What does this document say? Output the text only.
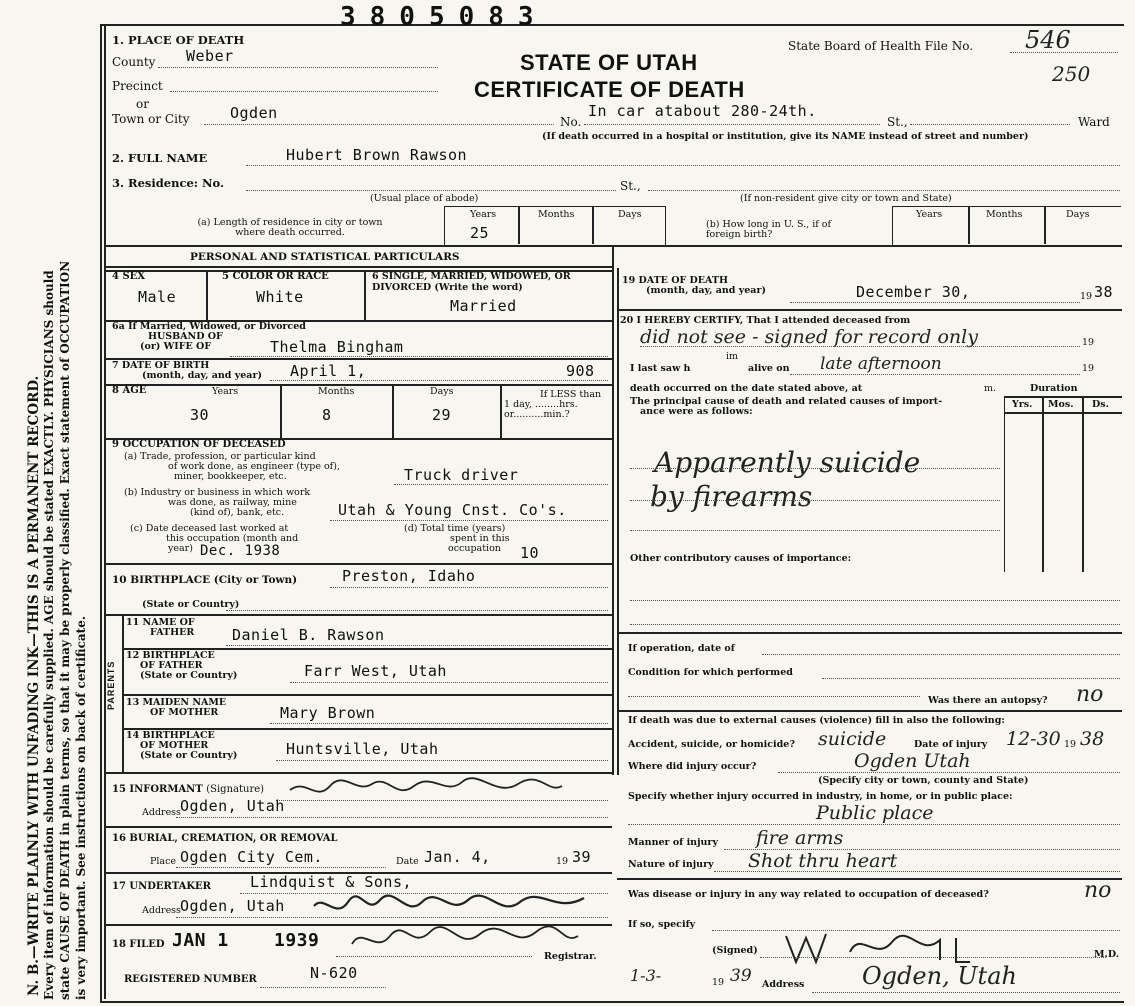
N. B.—WRITE PLAINLY WITH UNFADING INK—THIS IS A PERMANENT RECORD. Every item of information should be carefully supplied. AGE should be stated EXACTLY. PHYSICIANS should state CAUSE OF DEATH in plain terms, so that it may be properly classified. Exact statement of OCCUPATION is very important. See instructions on back of certificate.
3805083
STATE OF UTAH
CERTIFICATE OF DEATH
State Board of Health File No. 546
250
1. PLACE OF DEATH
County Weber
Precinct
or
Town or City	Ogden	No.
In car atabout 280-24th.
St.,	Ward
(If death occurred in a hospital or institution, give its NAME instead of street and number)
2. FULL NAME	Hubert Brown Rawson
3. Residence: No.	St.,
(Usual place of abode)	(If non-resident give city or town and State)
(a) Length of residence in city or town
where death occurred.
Years	Months	Days
25	(b) How long in U. S., if of
foreign birth?
Years	Months	Days
PERSONAL AND STATISTICAL PARTICULARS
4 SEX
Male
5 COLOR OR RACE
White
6 SINGLE, MARRIED, WIDOWED, OR DIVORCED (Write the word)
Married
6a If Married, Widowed, or Divorced
HUSBAND OF
(or) WIFE OF	Thelma Bingham
7 DATE OF BIRTH
(month, day, and year) April 1,	908
8 AGE	Years	Months	Days
30	8	29
If LESS than
1 day, ........hrs.
or..........min.?
9 OCCUPATION OF DECEASED
(a) Trade, profession, or particular kind
of work done, as engineer (type of),
miner, bookkeeper, etc.	Truck driver
(b) Industry or business in which work
was done, as railway, mine
(kind of), bank, etc.	Utah & Young Cnst. Co's.
(c) Date deceased last worked at
this occupation (month and
year) Dec. 1938
(d) Total time (years)
spent in this
occupation	10
10 BIRTHPLACE (City or Town)	Preston, Idaho
(State or Country)
PARENTS
11 NAME OF
FATHER	Daniel B. Rawson
12 BIRTHPLACE
OF FATHER
(State or Country)	Farr West, Utah
13 MAIDEN NAME
OF MOTHER	Mary Brown
14 BIRTHPLACE
OF MOTHER
(State or Country)	Huntsville, Utah
15 INFORMANT (Signature)
Address Ogden, Utah
16 BURIAL, CREMATION, OR REMOVAL
Place Ogden City Cem.	Date Jan. 4,	19 39
17 UNDERTAKER	Lindquist & Sons,
Address Ogden, Utah
18 FILED JAN 1	1939
Registrar.
REGISTERED NUMBER	N-620
19 DATE OF DEATH
(month, day, and year)	December 30,	19 38
20 I HEREBY CERTIFY, That I attended deceased from
did not see - signed for record only	19
I last saw h
im
alive on late afternoon	19
death occurred on the date stated above, at	m.	Duration
The principal cause of death and related causes of import-
ance were as follows:
Yrs. Mos. Ds.
Apparently suicide
by firearms
Other contributory causes of importance:
If operation, date of
Condition for which performed
Was there an autopsy? no
If death was due to external causes (violence) fill in also the following:
Accident, suicide, or homicide? suicide	Date of injury 12-30 19 38
Where did injury occur?	Ogden Utah
(Specify city or town, county and State)
Specify whether injury occurred in industry, in home, or in public place:
Public place
Manner of injury fire arms
Nature of injury Shot thru heart
Was disease or injury in any way related to occupation of deceased?	no
If so, specify
(Signed)	M.D.
1-3-	19 39 Address Ogden, Utah
